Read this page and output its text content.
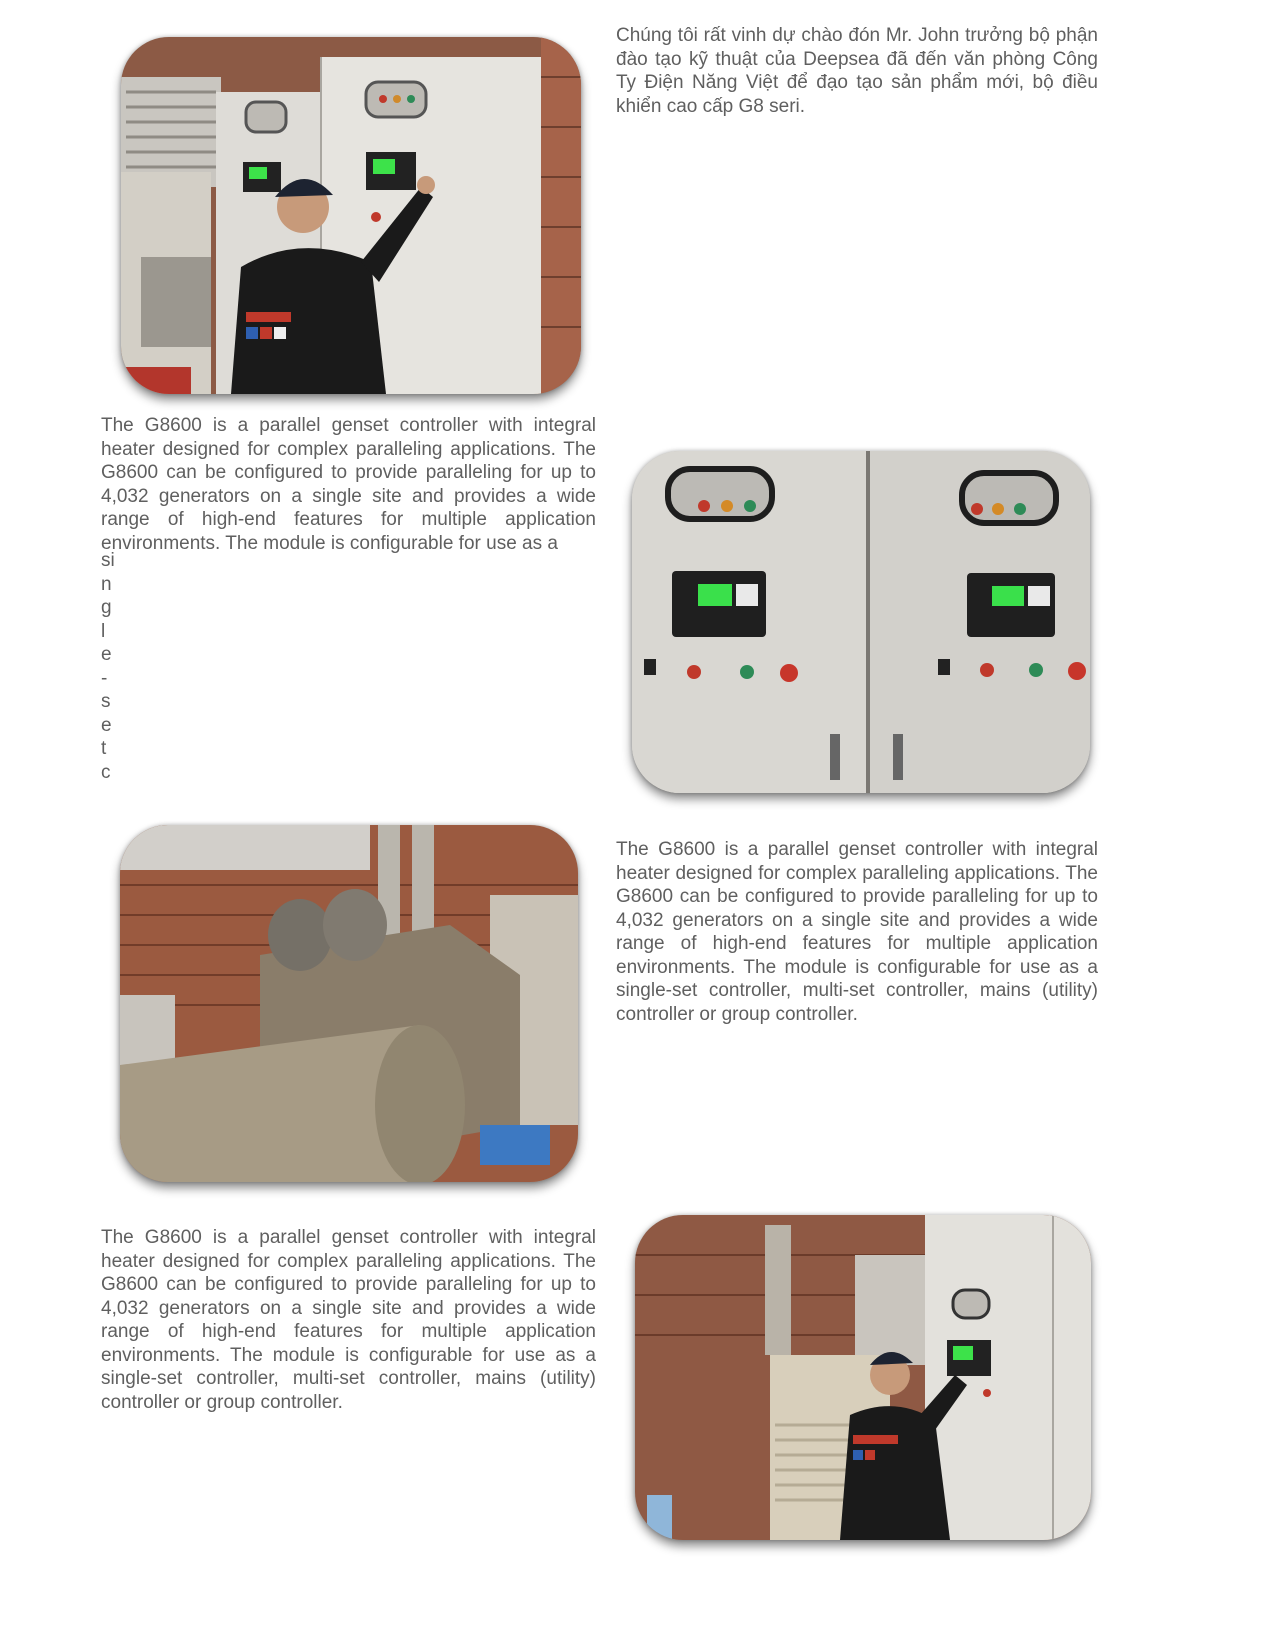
Chúng tôi rất vinh dự chào đón Mr. John trưởng bộ phận đào tạo kỹ thuật của Deepsea đã đến văn phòng Công Ty Điện Năng Việt để đạo tạo sản phẩm mới, bộ điều khiển cao cấp G8 seri.

The G8600 is a parallel genset controller with integral heater designed for complex paralleling applications. The G8600 can be configured to provide paralleling for up to 4,032 generators on a single site and provides a wide range of high-end features for multiple application environments. The module is configurable for use as a

single-set c

The G8600 is a parallel genset controller with integral heater designed for complex paralleling applications. The G8600 can be configured to provide paralleling for up to 4,032 generators on a single site and provides a wide range of high-end features for multiple application environments. The module is configurable for use as a single-set controller, multi-set controller, mains (utility) controller or group controller.

The G8600 is a parallel genset controller with integral heater designed for complex paralleling applications. The G8600 can be configured to provide paralleling for up to 4,032 generators on a single site and provides a wide range of high-end features for multiple application environments. The module is configurable for use as a single-set controller, multi-set controller, mains (utility) controller or group controller.
